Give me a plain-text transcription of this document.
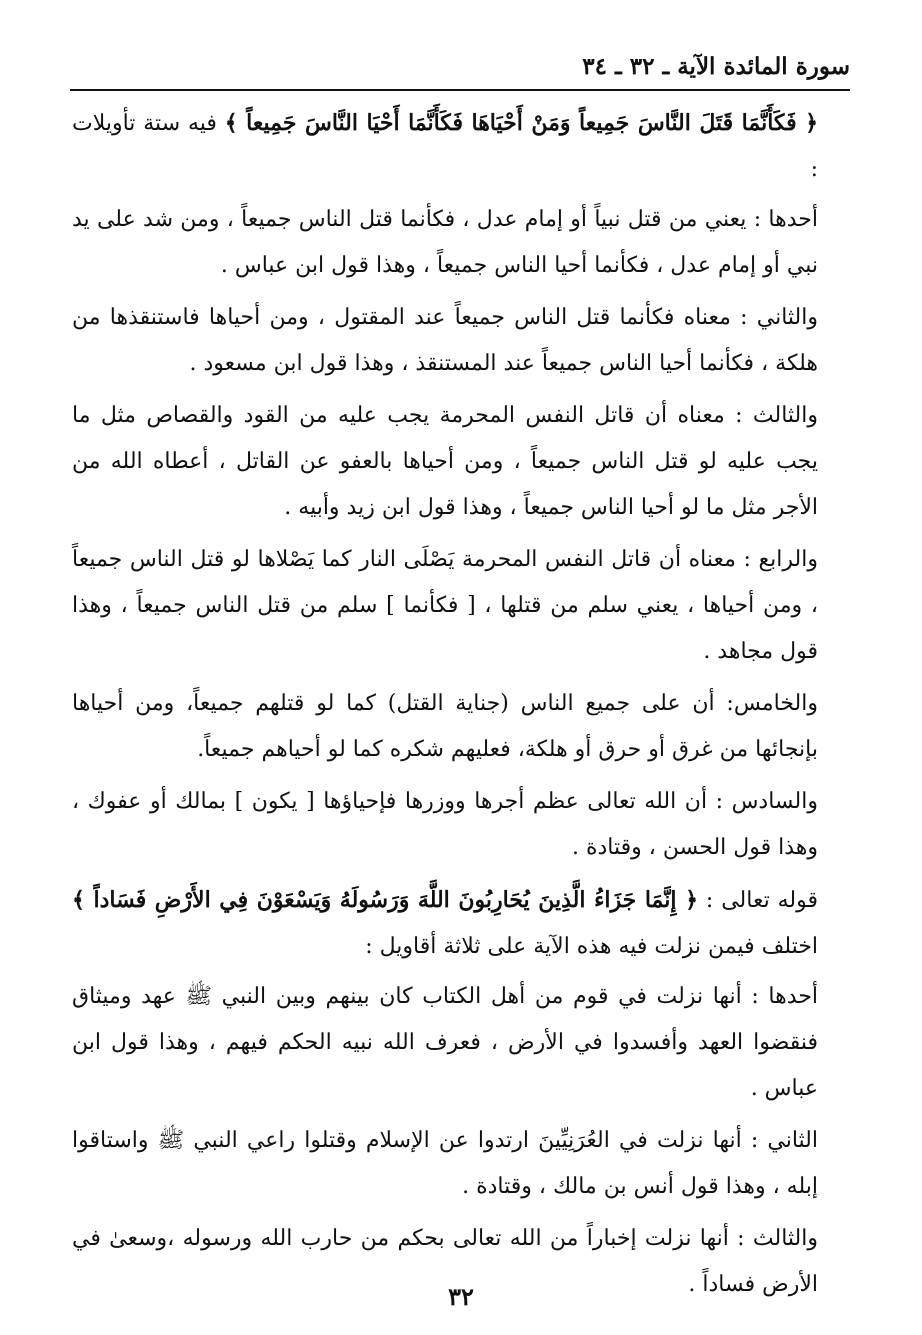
سورة المائدة الآية ـ ٣٢ ـ ٣٤

﴿ فَكَأَنَّمَا قَتَلَ النَّاسَ جَمِيعاً وَمَنْ أَحْيَاهَا فَكَأَنَّمَا أَحْيَا النَّاسَ جَمِيعاً ﴾ فيه ستة تأويلات :

أحدها : يعني من قتل نبياً أو إمام عدل ، فكأنما قتل الناس جميعاً ، ومن شد على يد نبي أو إمام عدل ، فكأنما أحيا الناس جميعاً ، وهذا قول ابن عباس .

والثاني : معناه فكأنما قتل الناس جميعاً عند المقتول ، ومن أحياها فاستنقذها من هلكة ، فكأنما أحيا الناس جميعاً عند المستنقذ ، وهذا قول ابن مسعود .

والثالث : معناه أن قاتل النفس المحرمة يجب عليه من القود والقصاص مثل ما يجب عليه لو قتل الناس جميعاً ، ومن أحياها بالعفو عن القاتل ، أعطاه الله من الأجر مثل ما لو أحيا الناس جميعاً ، وهذا قول ابن زيد وأبيه .

والرابع : معناه أن قاتل النفس المحرمة يَصْلَى النار كما يَصْلاها لو قتل الناس جميعاً ، ومن أحياها ، يعني سلم من قتلها ، [ فكأنما ] سلم من قتل الناس جميعاً ، وهذا قول مجاهد .

والخامس: أن على جميع الناس (جناية القتل) كما لو قتلهم جميعاً، ومن أحياها بإنجائها من غرق أو حرق أو هلكة، فعليهم شكره كما لو أحياهم جميعاً.

والسادس : أن الله تعالى عظم أجرها ووزرها فإحياؤها [ يكون ] بمالك أو عفوك ، وهذا قول الحسن ، وقتادة .

قوله تعالى : ﴿ إِنَّمَا جَزَاءُ الَّذِينَ يُحَارِبُونَ اللَّهَ وَرَسُولَهُ وَيَسْعَوْنَ فِي الأَرْضِ فَسَاداً ﴾ اختلف فيمن نزلت فيه هذه الآية على ثلاثة أقاويل :

أحدها : أنها نزلت في قوم من أهل الكتاب كان بينهم وبين النبي ﷺ عهد وميثاق فنقضوا العهد وأفسدوا في الأرض ، فعرف الله نبيه الحكم فيهم ، وهذا قول ابن عباس .

الثاني : أنها نزلت في العُرَنِيِّينَ ارتدوا عن الإسلام وقتلوا راعي النبي ﷺ واستاقوا إبله ، وهذا قول أنس بن مالك ، وقتادة .

والثالث : أنها نزلت إخباراً من الله تعالى بحكم من حارب الله ورسوله ،وسعىٰ في الأرض فساداً .

٣٢
